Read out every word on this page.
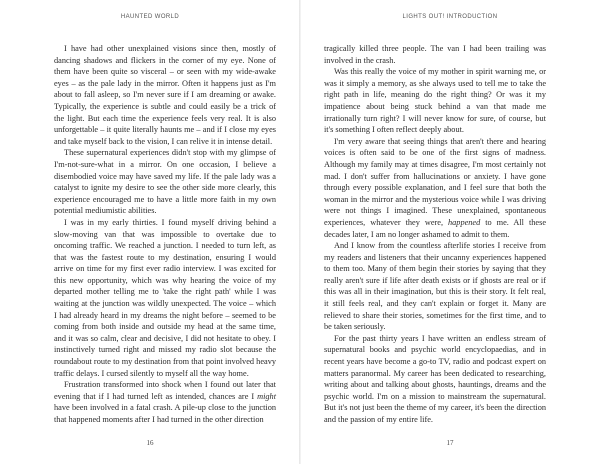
HAUNTED WORLD

I have had other unexplained visions since then, mostly of dancing shadows and flickers in the corner of my eye. None of them have been quite so visceral – or seen with my wide-awake eyes – as the pale lady in the mirror. Often it happens just as I'm about to fall asleep, so I'm never sure if I am dreaming or awake. Typically, the experience is subtle and could easily be a trick of the light. But each time the experience feels very real. It is also unforgettable – it quite literally haunts me – and if I close my eyes and take myself back to the vision, I can relive it in intense detail.

These supernatural experiences didn't stop with my glimpse of I'm-not-sure-what in a mirror. On one occasion, I believe a disembodied voice may have saved my life. If the pale lady was a catalyst to ignite my desire to see the other side more clearly, this experience encouraged me to have a little more faith in my own potential mediumistic abilities.

I was in my early thirties. I found myself driving behind a slow-moving van that was impossible to overtake due to oncoming traffic. We reached a junction. I needed to turn left, as that was the fastest route to my destination, ensuring I would arrive on time for my first ever radio interview. I was excited for this new opportunity, which was why hearing the voice of my departed mother telling me to 'take the right path' while I was waiting at the junction was wildly unexpected. The voice – which I had already heard in my dreams the night before – seemed to be coming from both inside and outside my head at the same time, and it was so calm, clear and decisive, I did not hesitate to obey. I instinctively turned right and missed my radio slot because the roundabout route to my destination from that point involved heavy traffic delays. I cursed silently to myself all the way home.

Frustration transformed into shock when I found out later that evening that if I had turned left as intended, chances are I might have been involved in a fatal crash. A pile-up close to the junction that happened moments after I had turned in the other direction

16
LIGHTS OUT! INTRODUCTION

tragically killed three people. The van I had been trailing was involved in the crash.

Was this really the voice of my mother in spirit warning me, or was it simply a memory, as she always used to tell me to take the right path in life, meaning do the right thing? Or was it my impatience about being stuck behind a van that made me irrationally turn right? I will never know for sure, of course, but it's something I often reflect deeply about.

I'm very aware that seeing things that aren't there and hearing voices is often said to be one of the first signs of madness. Although my family may at times disagree, I'm most certainly not mad. I don't suffer from hallucinations or anxiety. I have gone through every possible explanation, and I feel sure that both the woman in the mirror and the mysterious voice while I was driving were not things I imagined. These unexplained, spontaneous experiences, whatever they were, happened to me. All these decades later, I am no longer ashamed to admit to them.

And I know from the countless afterlife stories I receive from my readers and listeners that their uncanny experiences happened to them too. Many of them begin their stories by saying that they really aren't sure if life after death exists or if ghosts are real or if this was all in their imagination, but this is their story. It felt real, it still feels real, and they can't explain or forget it. Many are relieved to share their stories, sometimes for the first time, and to be taken seriously.

For the past thirty years I have written an endless stream of supernatural books and psychic world encyclopaedias, and in recent years have become a go-to TV, radio and podcast expert on matters paranormal. My career has been dedicated to researching, writing about and talking about ghosts, hauntings, dreams and the psychic world. I'm on a mission to mainstream the supernatural. But it's not just been the theme of my career, it's been the direction and the passion of my entire life.

17
